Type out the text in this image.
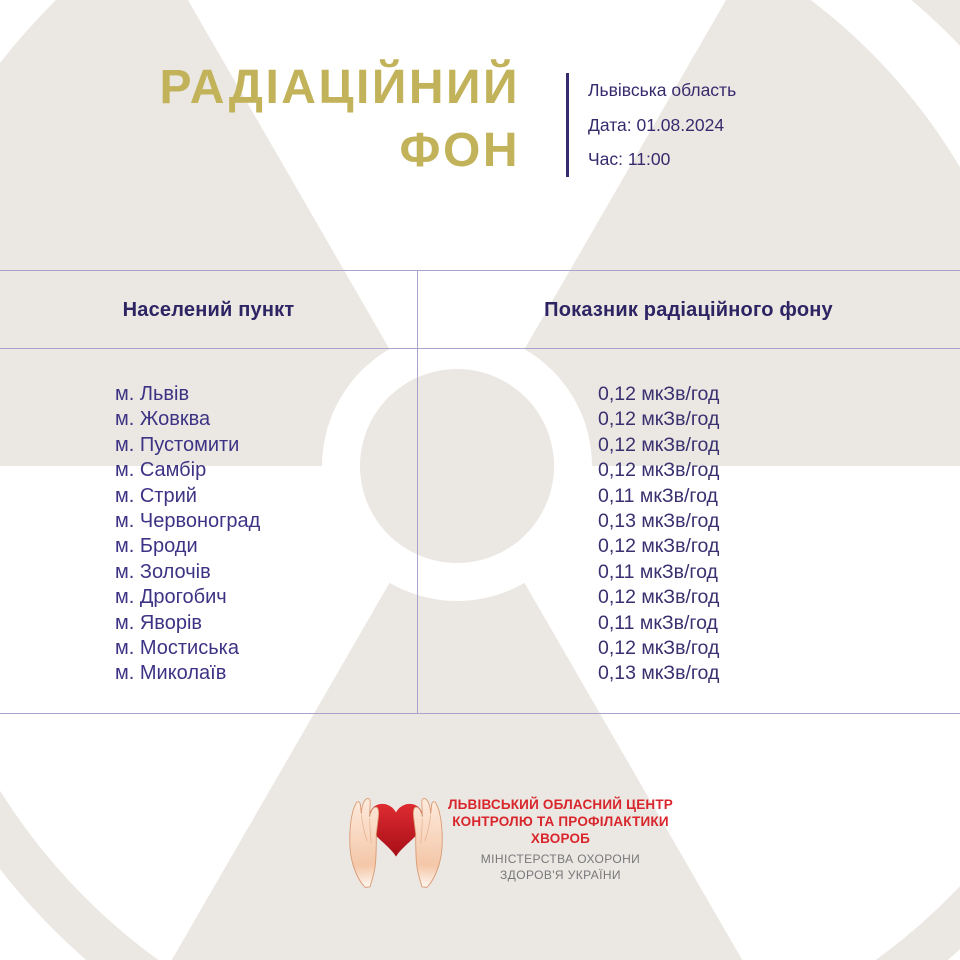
РАДІАЦІЙНИЙ
ФОН
Львівська область
Дата: 01.08.2024
Час: 11:00
Населений пункт	Показник радіаційного фону
м. Львів
м. Жовква
м. Пустомити
м. Самбір
м. Стрий
м. Червоноград
м. Броди
м. Золочів
м. Дрогобич
м. Яворів
м. Мостиська
м. Миколаїв
0,12 мкЗв/год
0,12 мкЗв/год
0,12 мкЗв/год
0,12 мкЗв/год
0,11 мкЗв/год
0,13 мкЗв/год
0,12 мкЗв/год
0,11 мкЗв/год
0,12 мкЗв/год
0,11 мкЗв/год
0,12 мкЗв/год
0,13 мкЗв/год
ЛЬВІВСЬКИЙ ОБЛАСНИЙ ЦЕНТР
КОНТРОЛЮ ТА ПРОФІЛАКТИКИ
ХВОРОБ
МІНІСТЕРСТВА ОХОРОНИ
ЗДОРОВ'Я УКРАЇНИ
